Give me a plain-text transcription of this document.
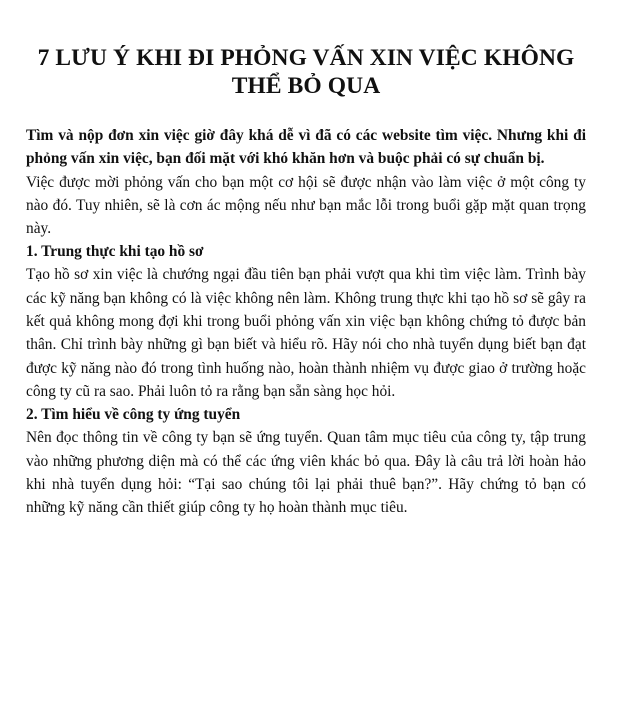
7 LƯU Ý KHI ĐI PHỎNG VẤN XIN VIỆC KHÔNG THỂ BỎ QUA

Tìm và nộp đơn xin việc giờ đây khá dễ vì đã có các website tìm việc. Nhưng khi đi phỏng vấn xin việc, bạn đối mặt với khó khăn hơn và buộc phải có sự chuẩn bị.

Việc được mời phỏng vấn cho bạn một cơ hội sẽ được nhận vào làm việc ở một công ty nào đó. Tuy nhiên, sẽ là cơn ác mộng nếu như bạn mắc lỗi trong buổi gặp mặt quan trọng này.

1. Trung thực khi tạo hồ sơ

Tạo hồ sơ xin việc là chướng ngại đầu tiên bạn phải vượt qua khi tìm việc làm. Trình bày các kỹ năng bạn không có là việc không nên làm. Không trung thực khi tạo hồ sơ sẽ gây ra kết quả không mong đợi khi trong buổi phỏng vấn xin việc bạn không chứng tỏ được bản thân. Chỉ trình bày những gì bạn biết và hiểu rõ. Hãy nói cho nhà tuyển dụng biết bạn đạt được kỹ năng nào đó trong tình huống nào, hoàn thành nhiệm vụ được giao ở trường hoặc công ty cũ ra sao. Phải luôn tỏ ra rằng bạn sẵn sàng học hỏi.

2. Tìm hiểu về công ty ứng tuyển

Nên đọc thông tin về công ty bạn sẽ ứng tuyển. Quan tâm mục tiêu của công ty, tập trung vào những phương diện mà có thể các ứng viên khác bỏ qua. Đây là câu trả lời hoàn hảo khi nhà tuyển dụng hỏi: “Tại sao chúng tôi lại phải thuê bạn?”. Hãy chứng tỏ bạn có những kỹ năng cần thiết giúp công ty họ hoàn thành mục tiêu.
